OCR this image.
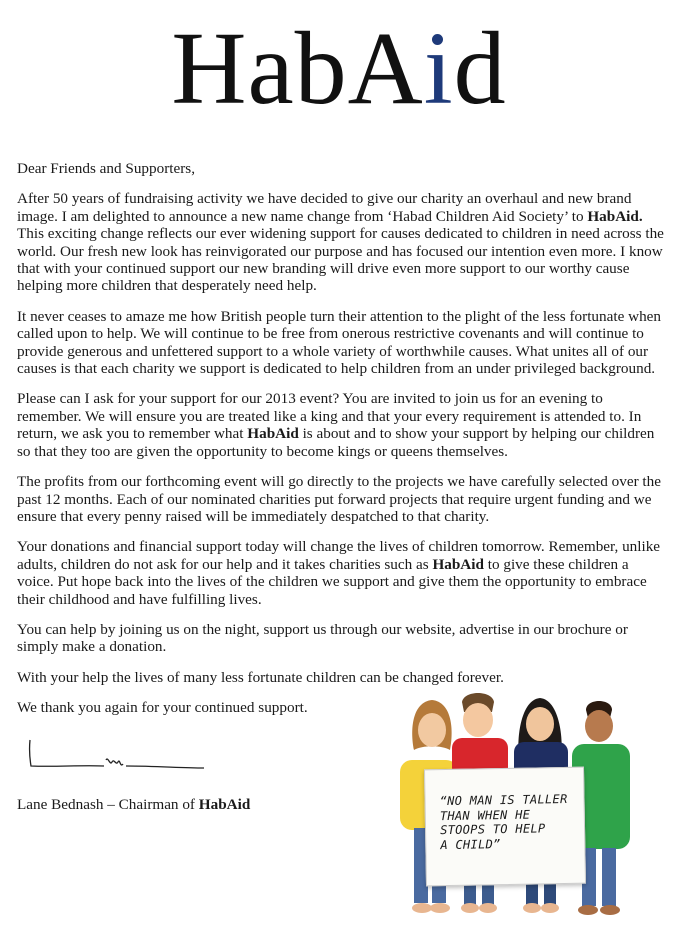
HabAid

Dear Friends and Supporters,

After 50 years of fundraising activity we have decided to give our charity an overhaul and new brand image. I am delighted to announce a new name change from ‘Habad Children Aid Society’ to HabAid. This exciting change reflects our ever widening support for causes dedicated to children in need across the world. Our fresh new look has reinvigorated our purpose and has focused our intention even more. I know that with your continued support our new branding will drive even more support to our worthy cause helping more children that desperately need help.

It never ceases to amaze me how British people turn their attention to the plight of the less fortunate when called upon to help. We will continue to be free from onerous restrictive covenants and will continue to provide generous and unfettered support to a whole variety of worthwhile causes. What unites all of our causes is that each charity we support is dedicated to help children from an under privileged background.

Please can I ask for your support for our 2013 event? You are invited to join us for an evening to remember. We will ensure you are treated like a king and that your every requirement is attended to. In return, we ask you to remember what HabAid is about and to show your support by helping our children so that they too are given the opportunity to become kings or queens themselves.

The profits from our forthcoming event will go directly to the projects we have carefully selected over the past 12 months. Each of our nominated charities put forward projects that require urgent funding and we ensure that every penny raised will be immediately despatched to that charity.

Your donations and financial support today will change the lives of children tomorrow. Remember, unlike adults, children do not ask for our help and it takes charities such as HabAid to give these children a voice. Put hope back into the lives of the children we support and give them the opportunity to embrace their childhood and have fulfilling lives.

You can help by joining us on the night, support us through our website, advertise in our brochure or simply make a donation.

With your help the lives of many less fortunate children can be changed forever.

We thank you again for your continued support.

Lane Bednash – Chairman of HabAid	“NO MAN IS TALLER
THAN WHEN HE
STOOPS TO HELP
A CHILD”
